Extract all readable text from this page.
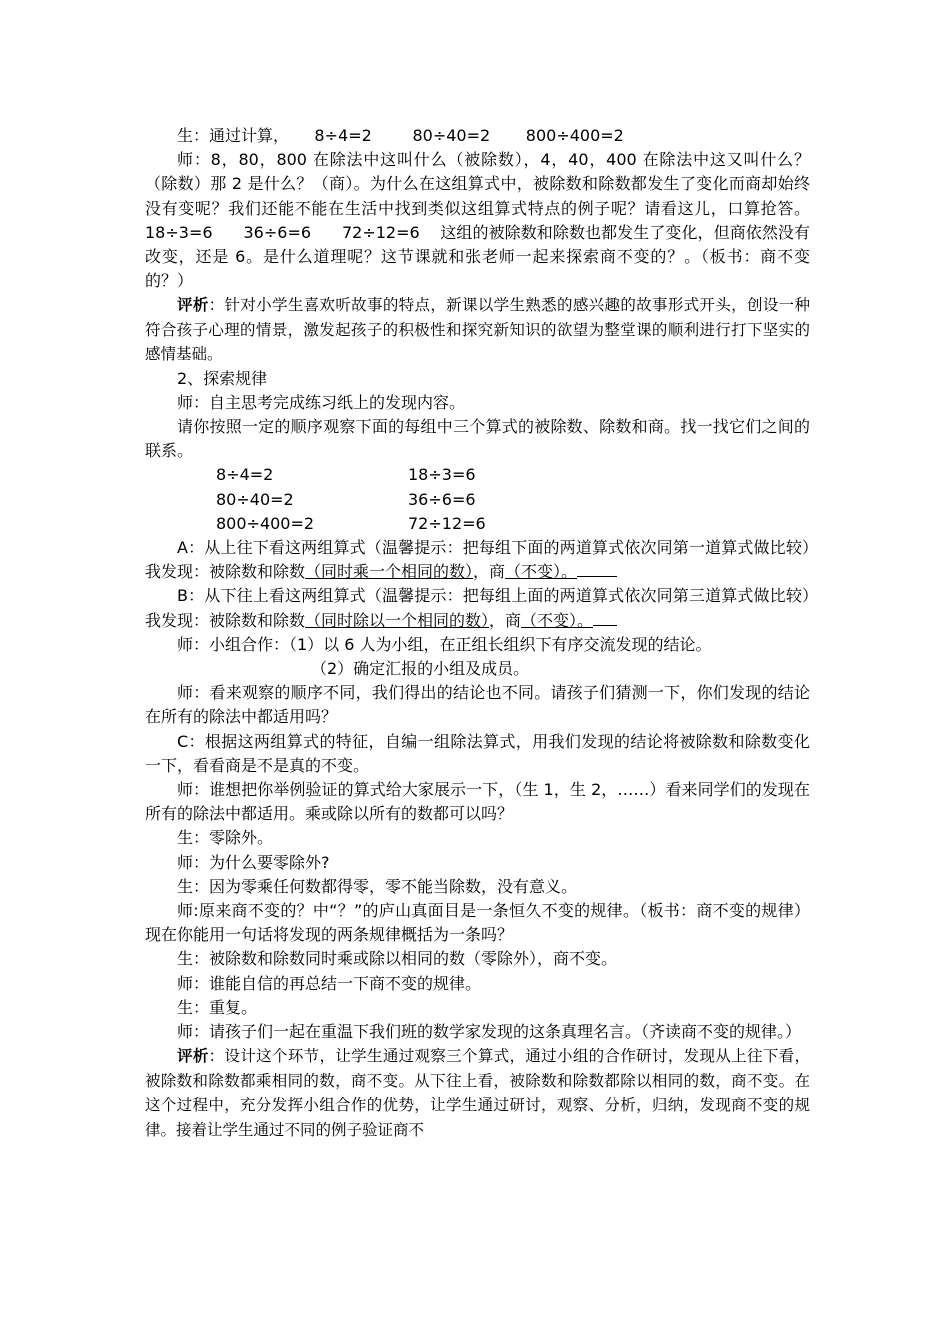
生：通过计算，     8÷4=2        80÷40=2       800÷400=2

师：8，80，800 在除法中这叫什么（被除数），4，40，400 在除法中这又叫什么？（除数）那 2 是什么？（商）。为什么在这组算式中，被除数和除数都发生了变化而商却始终没有变呢？我们还能不能在生活中找到类似这组算式特点的例子呢？请看这儿，口算抢答。18÷3=6      36÷6=6      72÷12=6    这组的被除数和除数也都发生了变化，但商依然没有改变，还是 6。是什么道理呢？这节课就和张老师一起来探索商不变的？。（板书：商不变的？）

评析：针对小学生喜欢听故事的特点，新课以学生熟悉的感兴趣的故事形式开头，创设一种符合孩子心理的情景，激发起孩子的积极性和探究新知识的欲望为整堂课的顺利进行打下坚实的感情基础。

2、探索规律

师：自主思考完成练习纸上的发现内容。

请你按照一定的顺序观察下面的每组中三个算式的被除数、除数和商。找一找它们之间的联系。

8÷4=2	18÷3=6
80÷40=2	36÷6=6
800÷400=2	72÷12=6

A：从上往下看这两组算式（温馨提示：把每组下面的两道算式依次同第一道算式做比较）我发现：被除数和除数（同时乘一个相同的数），商（不变）。

B：从下往上看这两组算式（温馨提示：把每组上面的两道算式依次同第三道算式做比较）我发现：被除数和除数（同时除以一个相同的数），商（不变）。

师：小组合作：（1）以 6 人为小组，在正组长组织下有序交流发现的结论。

（2）确定汇报的小组及成员。

师：看来观察的顺序不同，我们得出的结论也不同。请孩子们猜测一下，你们发现的结论在所有的除法中都适用吗？

C：根据这两组算式的特征，自编一组除法算式，用我们发现的结论将被除数和除数变化一下，看看商是不是真的不变。

师：谁想把你举例验证的算式给大家展示一下，（生 1，生 2，……）看来同学们的发现在所有的除法中都适用。乘或除以所有的数都可以吗？

生：零除外。

师：为什么要零除外?

生：因为零乘任何数都得零，零不能当除数，没有意义。

师:原来商不变的？中“？”的庐山真面目是一条恒久不变的规律。（板书：商不变的规律）现在你能用一句话将发现的两条规律概括为一条吗？

生：被除数和除数同时乘或除以相同的数（零除外），商不变。

师：谁能自信的再总结一下商不变的规律。

生：重复。

师：请孩子们一起在重温下我们班的数学家发现的这条真理名言。（齐读商不变的规律。）

评析：设计这个环节，让学生通过观察三个算式，通过小组的合作研讨，发现从上往下看，被除数和除数都乘相同的数，商不变。从下往上看，被除数和除数都除以相同的数，商不变。在这个过程中，充分发挥小组合作的优势，让学生通过研讨，观察、分析，归纳，发现商不变的规律。接着让学生通过不同的例子验证商不
